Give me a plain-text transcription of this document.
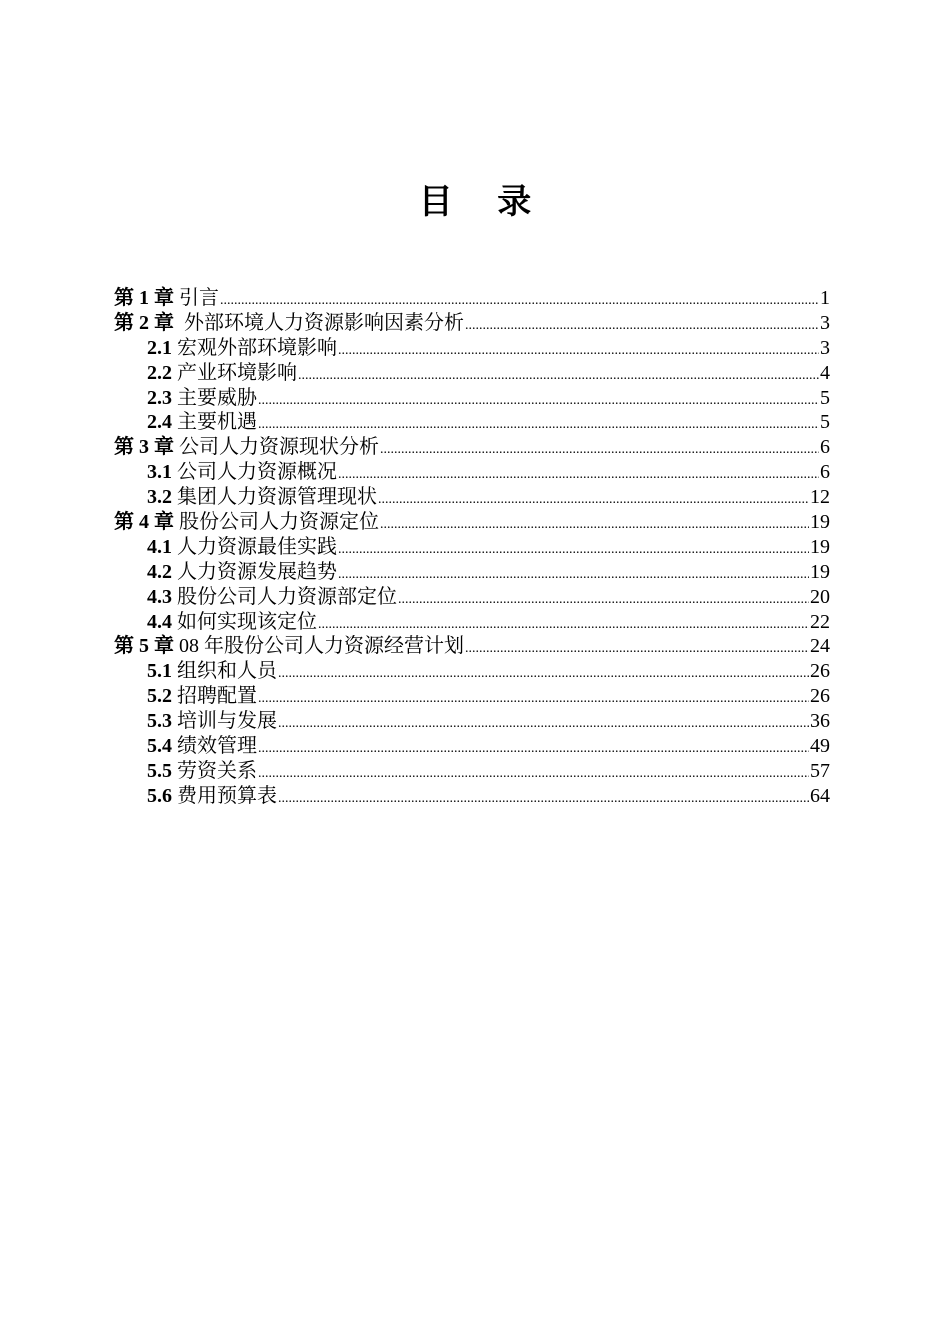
目 录
第 1 章 引言 .....	1
第 2 章 外部环境人力资源影响因素分析 .....	3
2.1 宏观外部环境影响 .....	3
2.2 产业环境影响 .....	4
2.3 主要威胁 .....	5
2.4 主要机遇 .....	5
第 3 章 公司人力资源现状分析 .....	6
3.1 公司人力资源概况 .....	6
3.2 集团人力资源管理现状 .....	12
第 4 章 股份公司人力资源定位 .....	19
4.1 人力资源最佳实践 .....	19
4.2 人力资源发展趋势 .....	19
4.3 股份公司人力资源部定位 .....	20
4.4 如何实现该定位 .....	22
第 5 章 08 年股份公司人力资源经营计划 .....	24
5.1 组织和人员 .....	26
5.2 招聘配置 .....	26
5.3 培训与发展 .....	36
5.4 绩效管理 .....	49
5.5 劳资关系 .....	57
5.6 费用预算表 .....	64
